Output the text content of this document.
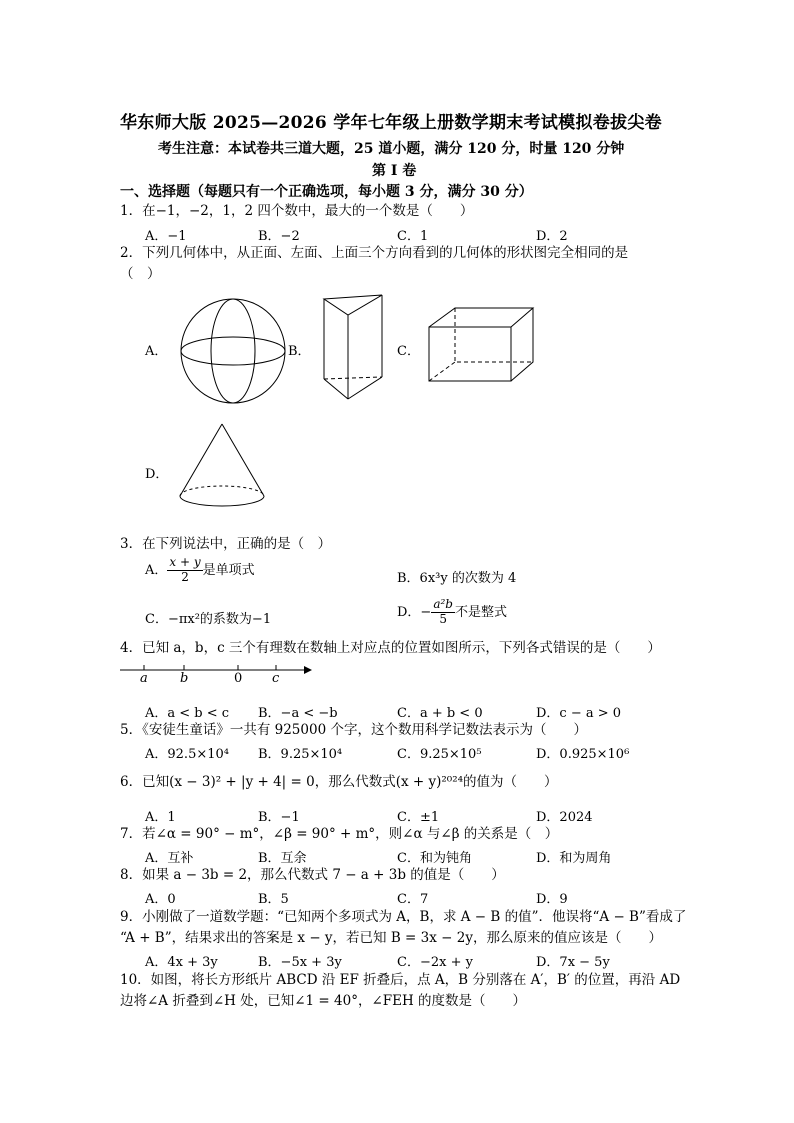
华东师大版 2025—2026 学年七年级上册数学期末考试模拟卷拔尖卷
考生注意：本试卷共三道大题，25 道小题，满分 120 分，时量 120 分钟
第 I 卷
一、选择题（每题只有一个正确选项，每小题 3 分，满分 30 分）
1．在−1，−2，1，2 四个数中，最大的一个数是（　　）
A．−1	B．−2	C．1	D．2
2．下列几何体中，从正面、左面、上面三个方向看到的几何体的形状图完全相同的是
（　）
A．	B．	C．
D．
3．在下列说法中，正确的是（　）
A． $\frac{x + y}{2}$ 是单项式
B．6x³y 的次数为 4
C．−πx²的系数为−1	D．− $\frac{\text{a²b}}{5}$ 不是整式
4．已知 a，b，c 三个有理数在数轴上对应点的位置如图所示，下列各式错误的是（　　）
a b	0 c
A．a < b < c B．−a < −b	C．a + b < 0	D．c − a > 0
5．《安徒生童话》一共有 925000 个字，这个数用科学记数法表示为（　　）
A．92.5×10⁴ B．9.25×10⁴	C．9.25×10⁵	D．0.925×10⁶
6．已知(x − 3)² + |y + 4| = 0，那么代数式(x + y)²⁰²⁴的值为（　　）
A．1	B．−1	C．±1	D．2024
7．若∠α = 90° − m°，∠β = 90° + m°，则∠α 与∠β 的关系是（　）
A．互补	B．互余	C．和为钝角	D．和为周角
8．如果 a − 3b = 2，那么代数式 7 − a + 3b 的值是（　　）
A．0	B．5	C．7	D．9
9．小刚做了一道数学题：“已知两个多项式为 A，B，求 A − B 的值”．他误将“A − B”看成了
“A + B”，结果求出的答案是 x − y，若已知 B = 3x − 2y，那么原来的值应该是（　　）
A．4x + 3y	B．−5x + 3y	C．−2x + y	D．7x − 5y
10．如图，将长方形纸片 ABCD 沿 EF 折叠后，点 A，B 分别落在 A′，B′ 的位置，再沿 AD
边将∠A 折叠到∠H 处，已知∠1 = 40°，∠FEH 的度数是（　　）
